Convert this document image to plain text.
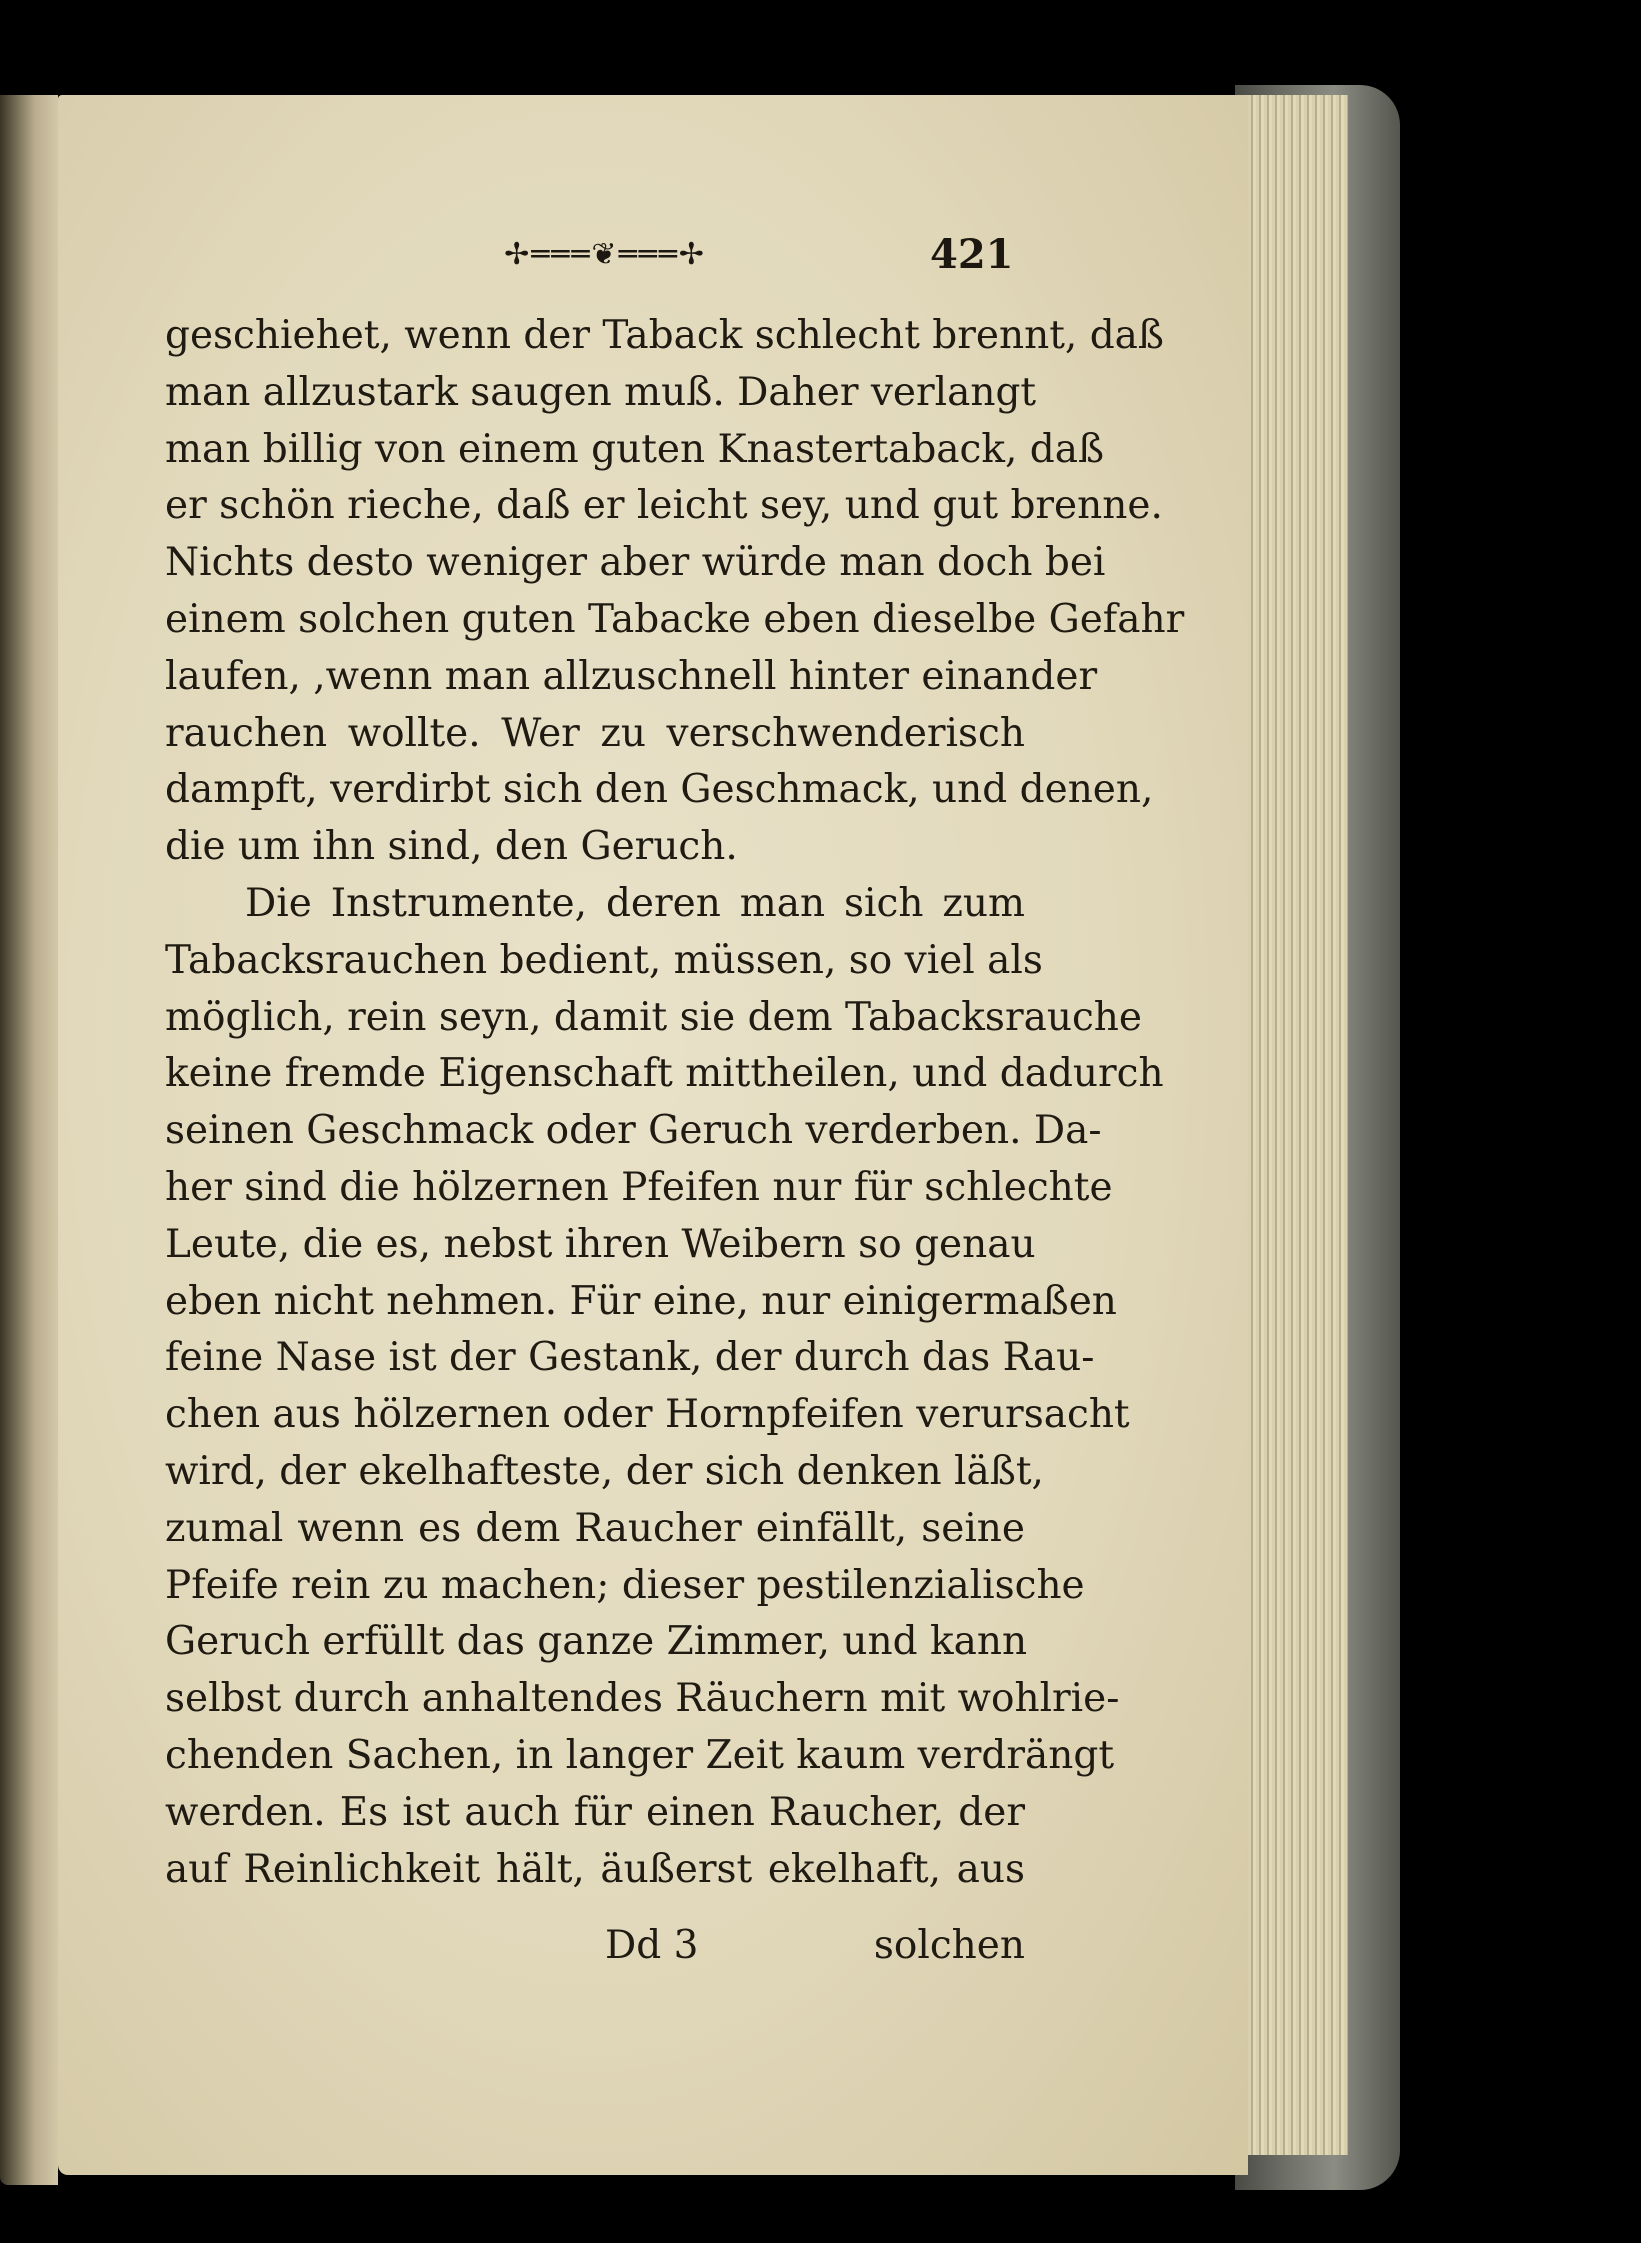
✢═══❦═══✢	421
geschiehet, wenn der Taback schlecht brennt, daß
man allzustark saugen muß. Daher verlangt
man billig von einem guten Knastertaback, daß
er schön rieche, daß er leicht sey, und gut brenne.
Nichts desto weniger aber würde man doch bei
einem solchen guten Tabacke eben dieselbe Gefahr
laufen, ,wenn man allzuschnell hinter einander
rauchen wollte. Wer zu verschwenderisch
dampft, verdirbt sich den Geschmack, und denen,
die um ihn sind, den Geruch.
Die Instrumente, deren man sich zum
Tabacksrauchen bedient, müssen, so viel als
möglich, rein seyn, damit sie dem Tabacksrauche
keine fremde Eigenschaft mittheilen, und dadurch
seinen Geschmack oder Geruch verderben. Da-
her sind die hölzernen Pfeifen nur für schlechte
Leute, die es, nebst ihren Weibern so genau
eben nicht nehmen. Für eine, nur einigermaßen
feine Nase ist der Gestank, der durch das Rau-
chen aus hölzernen oder Hornpfeifen verursacht
wird, der ekelhafteste, der sich denken läßt,
zumal wenn es dem Raucher einfällt, seine
Pfeife rein zu machen; dieser pestilenzialische
Geruch erfüllt das ganze Zimmer, und kann
selbst durch anhaltendes Räuchern mit wohlrie-
chenden Sachen, in langer Zeit kaum verdrängt
werden. Es ist auch für einen Raucher, der
auf Reinlichkeit hält, äußerst ekelhaft, aus
Dd 3	solchen
